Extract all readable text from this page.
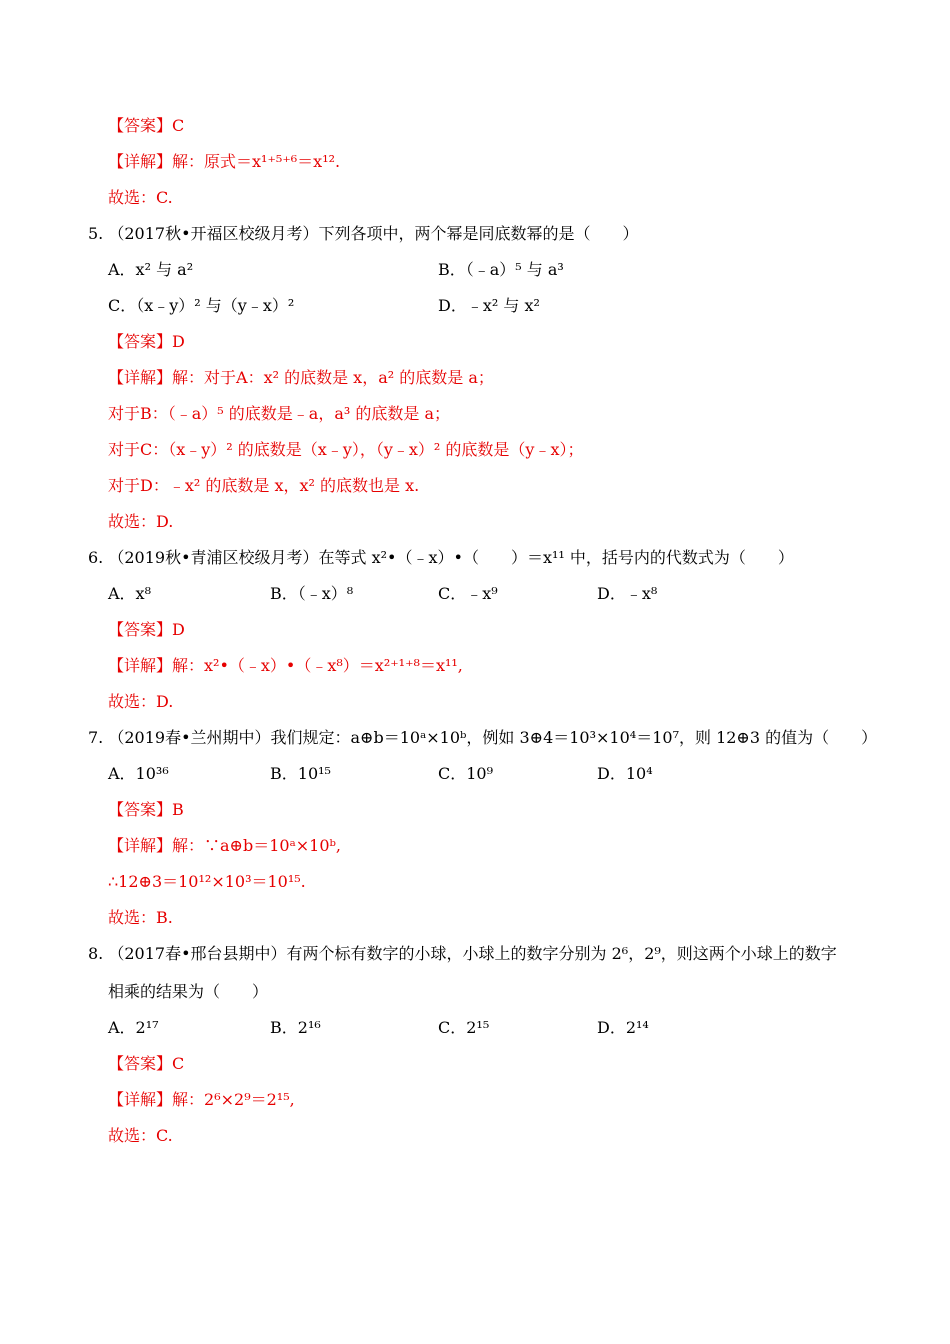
【答案】C
【详解】解：原式＝x¹⁺⁵⁺⁶＝x¹².
故选：C.
5. （2017秋•开福区校级月考）下列各项中，两个幂是同底数幂的是（　　）
A．x² 与 a²	B．（﹣a）⁵ 与 a³
C．（x﹣y）² 与（y﹣x）²	D．﹣x² 与 x²
【答案】D
【详解】解：对于A：x² 的底数是 x，a² 的底数是 a；
对于B：（﹣a）⁵ 的底数是﹣a，a³ 的底数是 a；
对于C：（x﹣y）² 的底数是（x﹣y），（y﹣x）² 的底数是（y﹣x）；
对于D：﹣x² 的底数是 x，x² 的底数也是 x.
故选：D.
6. （2019秋•青浦区校级月考）在等式 x²•（﹣x）•（　　）＝x¹¹ 中，括号内的代数式为（　　）
A．x⁸	B．（﹣x）⁸	C．﹣x⁹	D．﹣x⁸
【答案】D
【详解】解：x²•（﹣x）•（﹣x⁸）＝x²⁺¹⁺⁸＝x¹¹,
故选：D.
7. （2019春•兰州期中）我们规定：a⊕b＝10ᵃ×10ᵇ，例如 3⊕4＝10³×10⁴＝10⁷，则 12⊕3 的值为（　　）
A．10³⁶	B．10¹⁵	C．10⁹	D．10⁴
【答案】B
【详解】解：∵a⊕b＝10ᵃ×10ᵇ,
∴12⊕3＝10¹²×10³＝10¹⁵.
故选：B.
8. （2017春•邢台县期中）有两个标有数字的小球，小球上的数字分别为 2⁶，2⁹，则这两个小球上的数字
相乘的结果为（　　）
A．2¹⁷	B．2¹⁶	C．2¹⁵	D．2¹⁴
【答案】C
【详解】解：2⁶×2⁹＝2¹⁵,
故选：C.
